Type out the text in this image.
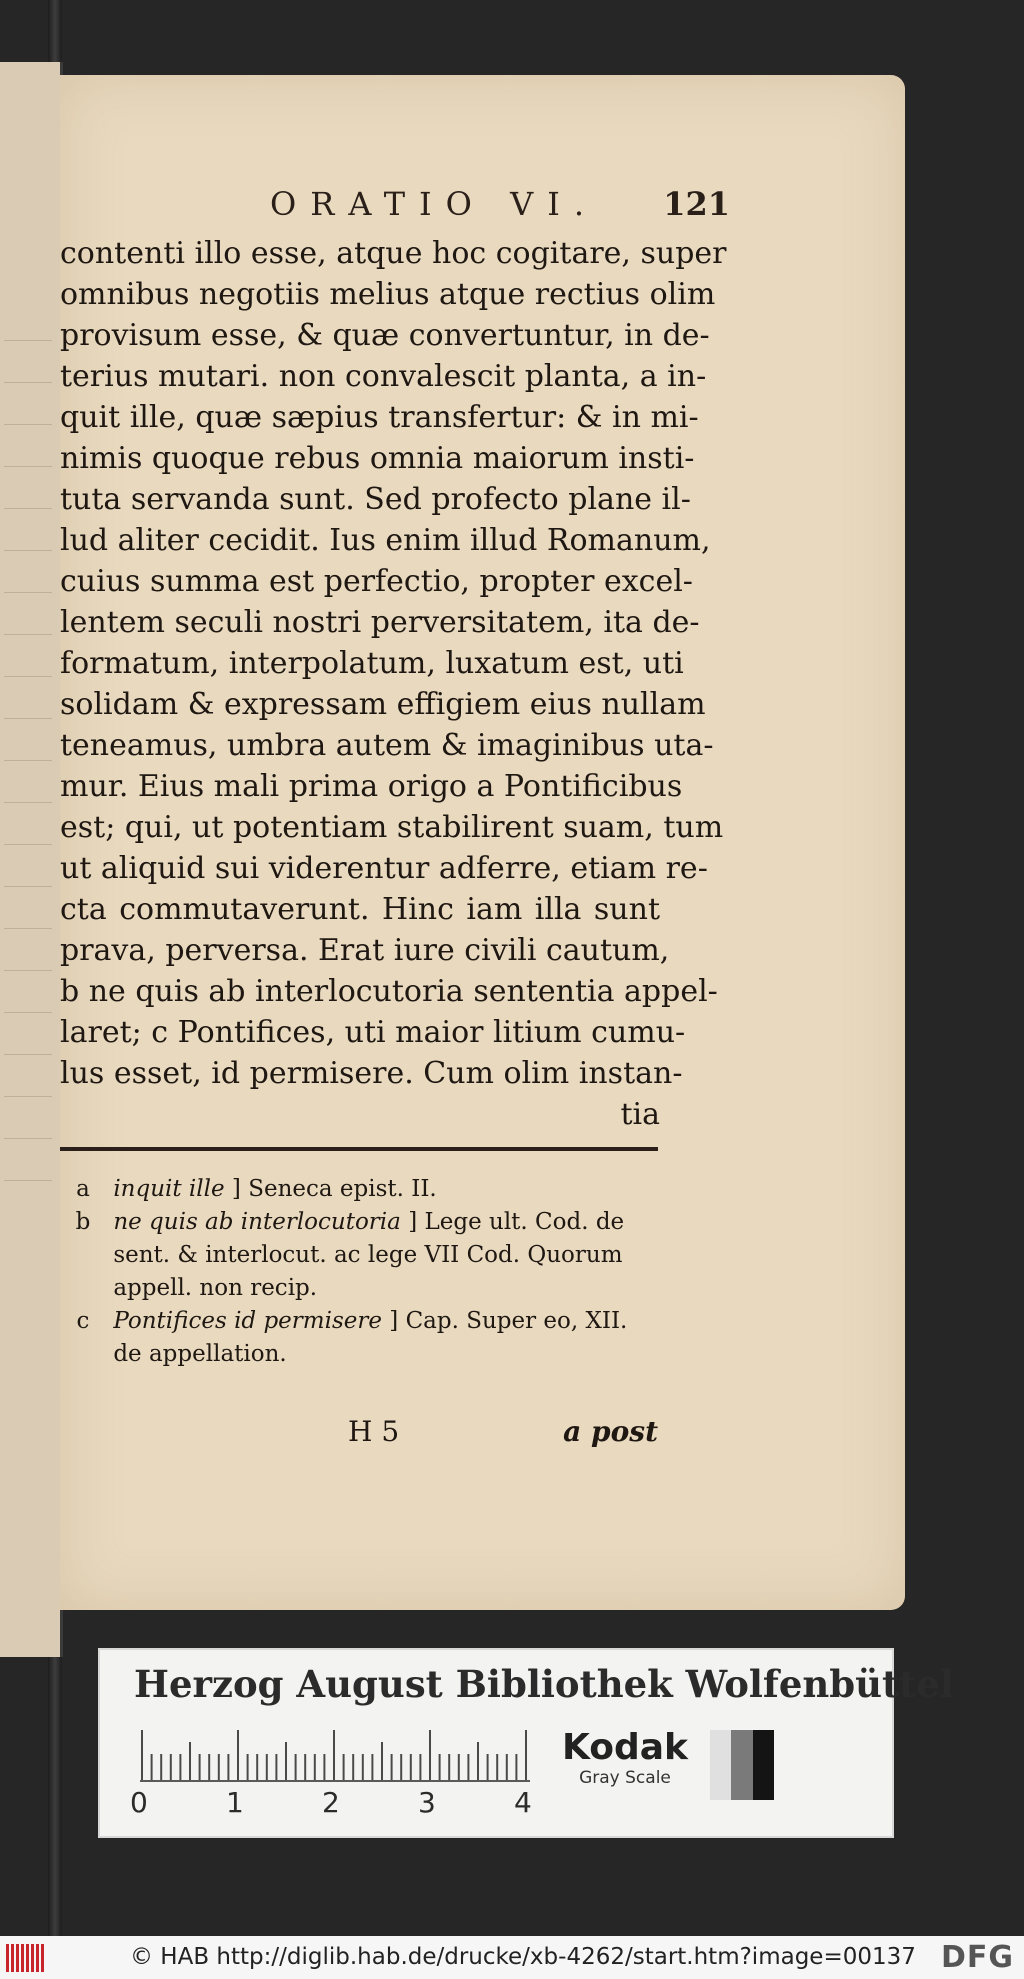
ORATIO VI. 121
contenti illo esse, atque hoc cogitare, super
omnibus negotiis melius atque rectius olim
provisum esse, & quæ convertuntur, in de-
terius mutari. non convalescit planta, a in-
quit ille, quæ sæpius transfertur: & in mi-
nimis quoque rebus omnia maiorum insti-
tuta servanda sunt. Sed profecto plane il-
lud aliter cecidit. Ius enim illud Romanum,
cuius summa est perfectio, propter excel-
lentem seculi nostri perversitatem, ita de-
formatum, interpolatum, luxatum est, uti
solidam & expressam effigiem eius nullam
teneamus, umbra autem & imaginibus uta-
mur. Eius mali prima origo a Pontificibus
est; qui, ut potentiam stabilirent suam, tum
ut aliquid sui viderentur adferre, etiam re-
cta commutaverunt. Hinc iam illa sunt
prava, perversa. Erat iure civili cautum,
b ne quis ab interlocutoria sententia appel-
laret; c Pontifices, uti maior litium cumu-
lus esset, id permisere. Cum olim instan-
tia
a inquit ille ] Seneca epist. II.
b ne quis ab interlocutoria ] Lege ult. Cod. de
sent. & interlocut. ac lege VII Cod. Quorum
appell. non recip.
c Pontifices id permisere ] Cap. Super eo, XII.
de appellation.
H 5	a post
Herzog August Bibliothek Wolfenbüttel
0	1	2	3	4
Kodak
Gray Scale
© HAB http://diglib.hab.de/drucke/xb-4262/start.htm?image=00137 DFG
